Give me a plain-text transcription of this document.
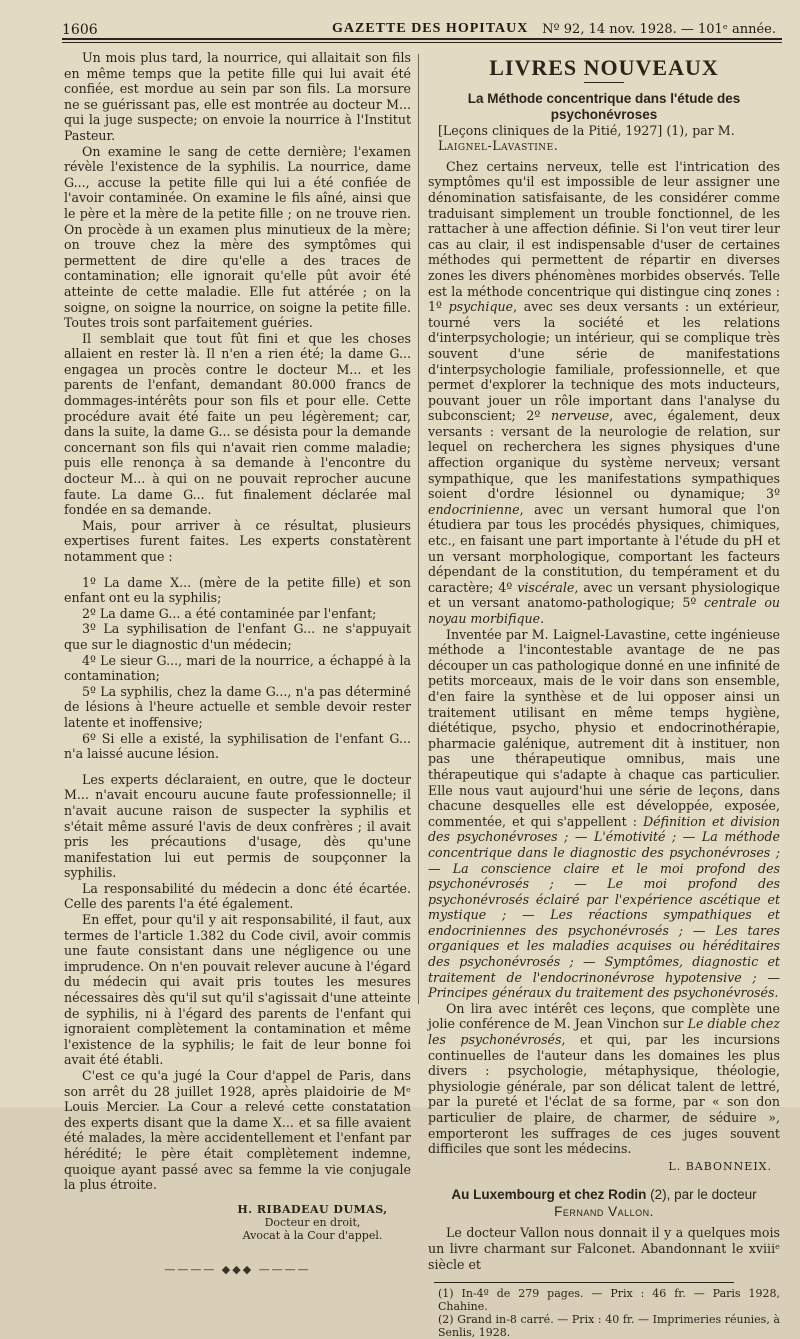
1606	GAZETTE DES HOPITAUX Nº 92, 14 nov. 1928. — 101ᵉ année.

Un mois plus tard, la nourrice, qui allaitait son fils en même temps que la petite fille qui lui avait été confiée, est mordue au sein par son fils. La morsure ne se guérissant pas, elle est montrée au docteur M... qui la juge suspecte; on envoie la nourrice à l'Institut Pasteur.

On examine le sang de cette dernière; l'examen révèle l'existence de la syphilis. La nourrice, dame G..., accuse la petite fille qui lui a été confiée de l'avoir contaminée. On examine le fils aîné, ainsi que le père et la mère de la petite fille ; on ne trouve rien. On procède à un examen plus minutieux de la mère; on trouve chez la mère des symptômes qui permettent de dire qu'elle a des traces de contamination; elle ignorait qu'elle pût avoir été atteinte de cette maladie. Elle fut attérée ; on la soigne, on soigne la nourrice, on soigne la petite fille. Toutes trois sont parfaitement guéries.

Il semblait que tout fût fini et que les choses allaient en rester là. Il n'en a rien été; la dame G... engagea un procès contre le docteur M... et les parents de l'enfant, demandant 80.000 francs de dommages-intérêts pour son fils et pour elle. Cette procédure avait été faite un peu légèrement; car, dans la suite, la dame G... se désista pour la demande concernant son fils qui n'avait rien comme maladie; puis elle renonça à sa demande à l'encontre du docteur M... à qui on ne pouvait reprocher aucune faute. La dame G... fut finalement déclarée mal fondée en sa demande.

Mais, pour arriver à ce résultat, plusieurs expertises furent faites. Les experts constatèrent notamment que :

1º La dame X... (mère de la petite fille) et son enfant ont eu la syphilis;

2º La dame G... a été contaminée par l'enfant;

3º La syphilisation de l'enfant G... ne s'appuyait que sur le diagnostic d'un médecin;

4º Le sieur G..., mari de la nourrice, a échappé à la contamination;

5º La syphilis, chez la dame G..., n'a pas déterminé de lésions à l'heure actuelle et semble devoir rester latente et inoffensive;

6º Si elle a existé, la syphilisation de l'enfant G... n'a laissé aucune lésion.

Les experts déclaraient, en outre, que le docteur M... n'avait encouru aucune faute professionnelle; il n'avait aucune raison de suspecter la syphilis et s'était même assuré l'avis de deux confrères ; il avait pris les précautions d'usage, dès qu'une manifestation lui eut permis de soupçonner la syphilis.

La responsabilité du médecin a donc été écartée. Celle des parents l'a été également.

En effet, pour qu'il y ait responsabilité, il faut, aux termes de l'article 1.382 du Code civil, avoir commis une faute consistant dans une négligence ou une imprudence. On n'en pouvait relever aucune à l'égard du médecin qui avait pris toutes les mesures nécessaires dès qu'il sut qu'il s'agissait d'une atteinte de syphilis, ni à l'égard des parents de l'enfant qui ignoraient complètement la contamination et même l'existence de la syphilis; le fait de leur bonne foi avait été établi.

C'est ce qu'a jugé la Cour d'appel de Paris, dans son arrêt du 28 juillet 1928, après plaidoirie de Mᵉ Louis Mercier. La Cour a relevé cette constatation des experts disant que la dame X... et sa fille avaient été malades, la mère accidentellement et l'enfant par hérédité; le père était complètement indemne, quoique ayant passé avec sa femme la vie conjugale la plus étroite.

H. RIBADEAU DUMAS,
Docteur en droit,
Avocat à la Cour d'appel.
———— ◆◆◆ ————
LIVRES NOUVEAUX
La Méthode concentrique dans l'étude des psychonévroses

[Leçons cliniques de la Pitié, 1927] (1), par M. Laignel-Lavastine.

Chez certains nerveux, telle est l'intrication des symptômes qu'il est impossible de leur assigner une dénomination satisfaisante, de les considérer comme traduisant simplement un trouble fonctionnel, de les rattacher à une affection définie. Si l'on veut tirer leur cas au clair, il est indispensable d'user de certaines méthodes qui permettent de répartir en diverses zones les divers phénomènes morbides observés. Telle est la méthode concentrique qui distingue cinq zones : 1º psychique, avec ses deux versants : un extérieur, tourné vers la société et les relations d'interpsychologie; un intérieur, qui se complique très souvent d'une série de manifestations d'interpsychologie familiale, professionnelle, et que permet d'explorer la technique des mots inducteurs, pouvant jouer un rôle important dans l'analyse du subconscient; 2º nerveuse, avec, également, deux versants : versant de la neurologie de relation, sur lequel on recherchera les signes physiques d'une affection organique du système nerveux; versant sympathique, que les manifestations sympathiques soient d'ordre lésionnel ou dynamique; 3º endocrinienne, avec un versant humoral que l'on étudiera par tous les procédés physiques, chimiques, etc., en faisant une part importante à l'étude du pH et un versant morphologique, comportant les facteurs dépendant de la constitution, du tempérament et du caractère; 4º viscérale, avec un versant physiologique et un versant anatomo-pathologique; 5º centrale ou noyau morbifique.

Inventée par M. Laignel-Lavastine, cette ingénieuse méthode a l'incontestable avantage de ne pas découper un cas pathologique donné en une infinité de petits morceaux, mais de le voir dans son ensemble, d'en faire la synthèse et de lui opposer ainsi un traitement utilisant en même temps hygiène, diététique, psycho, physio et endocrinothérapie, pharmacie galénique, autrement dit à instituer, non pas une thérapeutique omnibus, mais une thérapeutique qui s'adapte à chaque cas particulier. Elle nous vaut aujourd'hui une série de leçons, dans chacune desquelles elle est développée, exposée, commentée, et qui s'appellent : Définition et division des psychonévroses ; — L'émotivité ; — La méthode concentrique dans le diagnostic des psychonévroses ; — La conscience claire et le moi profond des psychonévrosés ; — Le moi profond des psychonévrosés éclairé par l'expérience ascétique et mystique ; — Les réactions sympathiques et endocriniennes des psychonévrosés ; — Les tares organiques et les maladies acquises ou héréditaires des psychonévrosés ; — Symptômes, diagnostic et traitement de l'endocrinonévrose hypotensive ; — Principes généraux du traitement des psychonévrosés.

On lira avec intérêt ces leçons, que complète une jolie conférence de M. Jean Vinchon sur Le diable chez les psychonévrosés, et qui, par les incursions continuelles de l'auteur dans les domaines les plus divers : psychologie, métaphysique, théologie, physiologie générale, par son délicat talent de lettré, par la pureté et l'éclat de sa forme, par « son don particulier de plaire, de charmer, de séduire », emporteront les suffrages de ces juges souvent difficiles que sont les médecins.

L. BABONNEIX.
Au Luxembourg et chez Rodin (2), par le docteur
Fernand Vallon.

Le docteur Vallon nous donnait il y a quelques mois un livre charmant sur Falconet. Abandonnant le xviiiᵉ siècle et

(1) In-4º de 279 pages. — Prix : 46 fr. — Paris 1928, Chahine.

(2) Grand in-8 carré. — Prix : 40 fr. — Imprimeries réunies, à Senlis, 1928.
